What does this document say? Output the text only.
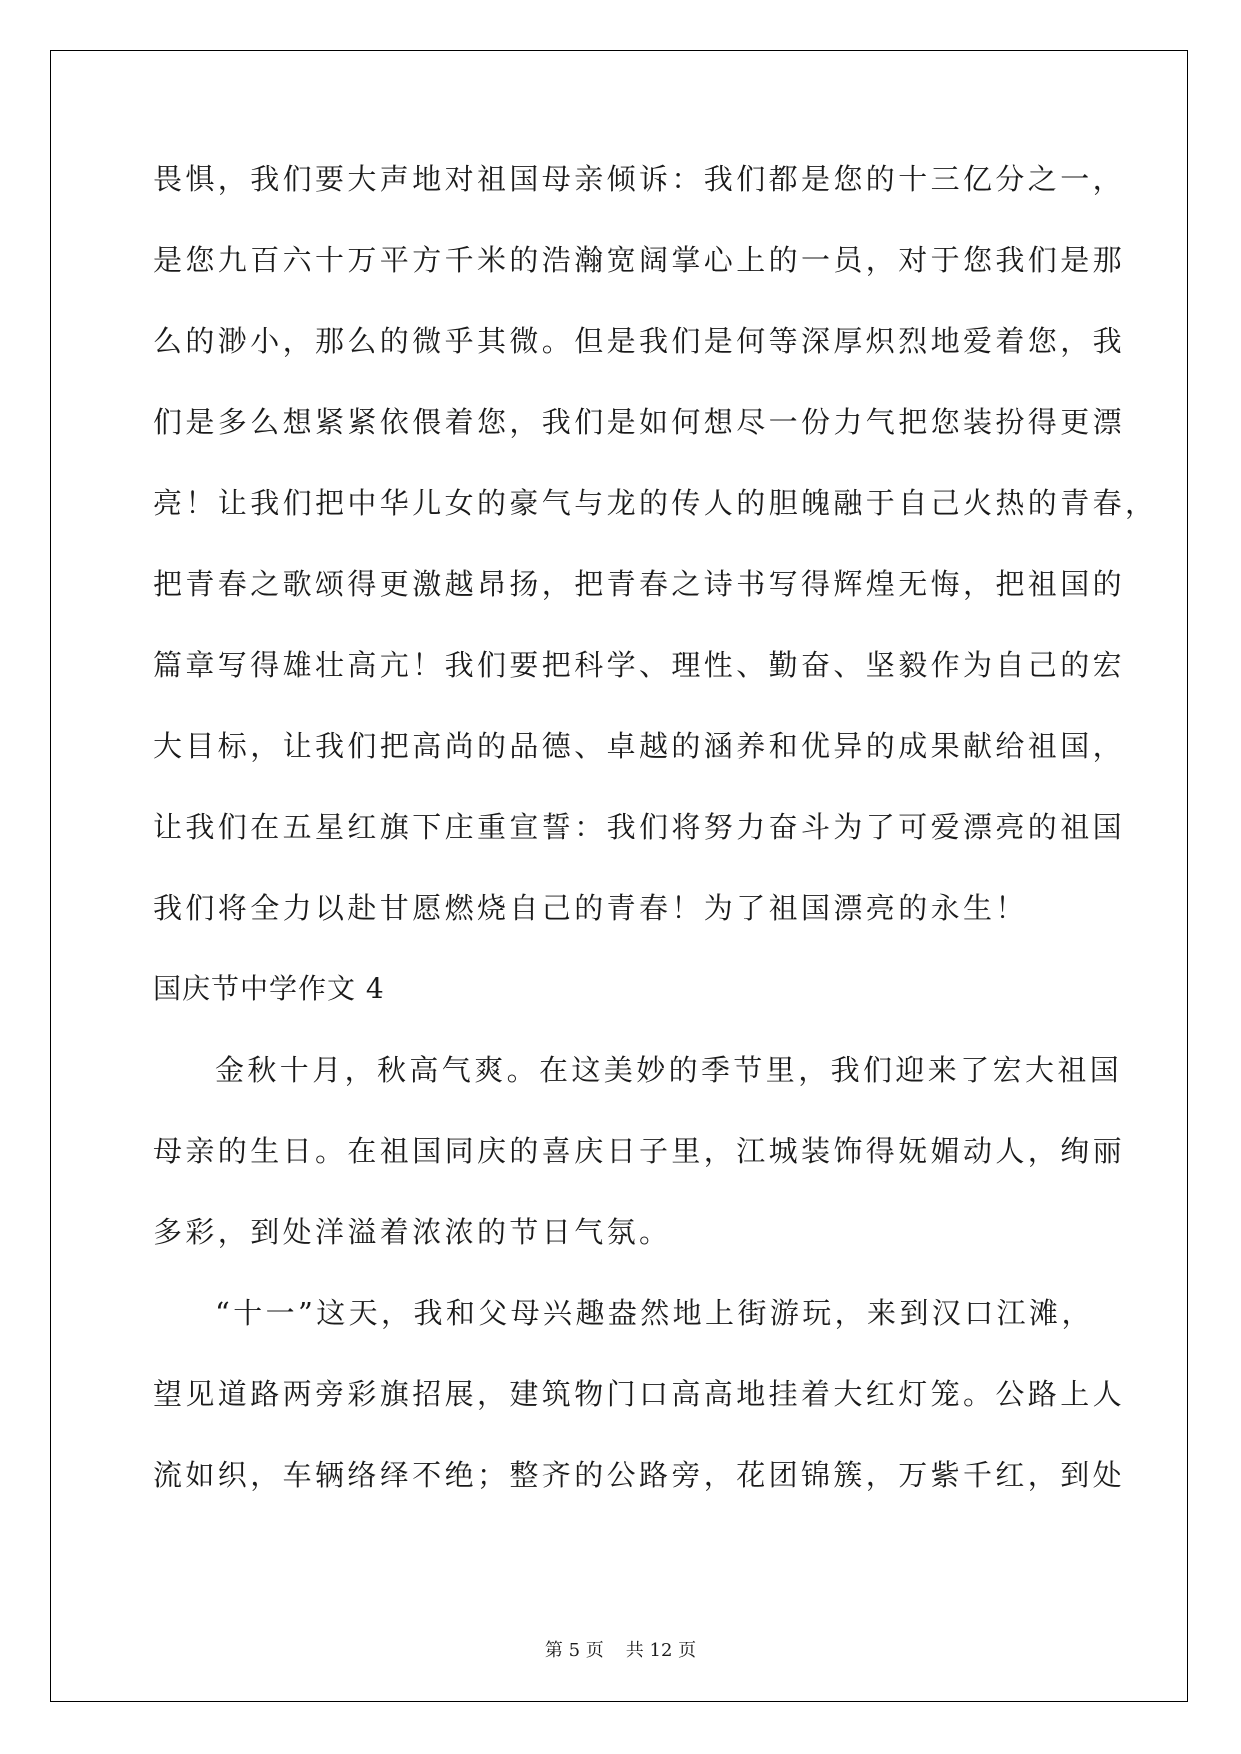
畏惧，我们要大声地对祖国母亲倾诉：我们都是您的十三亿分之一，
是您九百六十万平方千米的浩瀚宽阔掌心上的一员，对于您我们是那
么的渺小，那么的微乎其微。但是我们是何等深厚炽烈地爱着您，我
们是多么想紧紧依偎着您，我们是如何想尽一份力气把您装扮得更漂
亮！让我们把中华儿女的豪气与龙的传人的胆魄融于自己火热的青春，
把青春之歌颂得更激越昂扬，把青春之诗书写得辉煌无悔，把祖国的
篇章写得雄壮高亢！我们要把科学、理性、勤奋、坚毅作为自己的宏
大目标，让我们把高尚的品德、卓越的涵养和优异的成果献给祖国，
让我们在五星红旗下庄重宣誓：我们将努力奋斗为了可爱漂亮的祖国
我们将全力以赴甘愿燃烧自己的青春！为了祖国漂亮的永生！
国庆节中学作文 4
金秋十月，秋高气爽。在这美妙的季节里，我们迎来了宏大祖国
母亲的生日。在祖国同庆的喜庆日子里，江城装饰得妩媚动人，绚丽
多彩，到处洋溢着浓浓的节日气氛。
“十一”这天，我和父母兴趣盎然地上街游玩，来到汉口江滩，
望见道路两旁彩旗招展，建筑物门口高高地挂着大红灯笼。公路上人
流如织，车辆络绎不绝；整齐的公路旁，花团锦簇，万紫千红，到处
第 5 页 共 12 页
